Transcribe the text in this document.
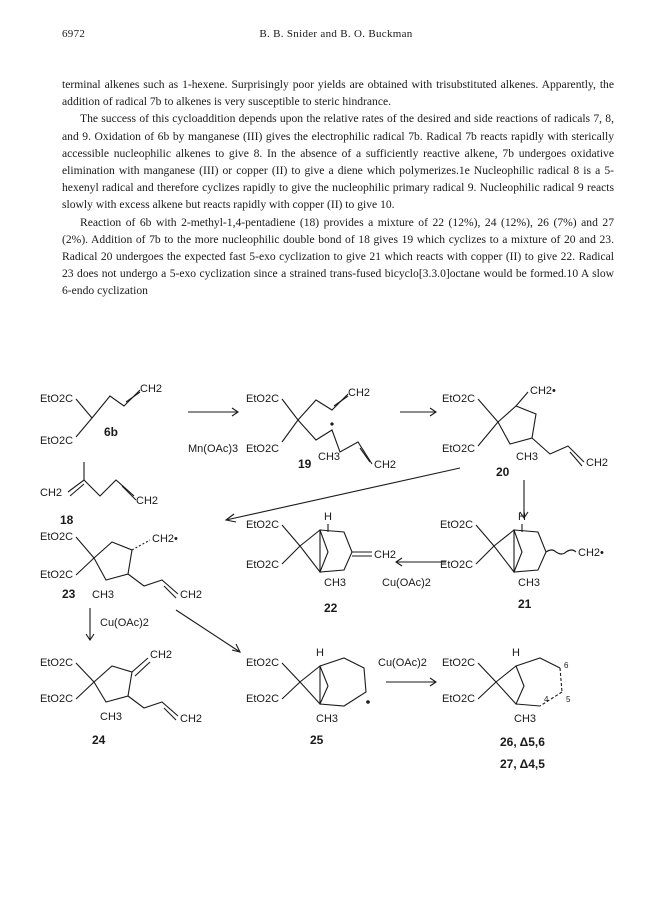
6972	B. B. Snider and B. O. Buckman

terminal alkenes such as 1-hexene. Surprisingly poor yields are obtained with trisubstituted alkenes. Apparently, the addition of radical 7b to alkenes is very susceptible to steric hindrance.

The success of this cycloaddition depends upon the relative rates of the desired and side reactions of radicals 7, 8, and 9. Oxidation of 6b by manganese (III) gives the electrophilic radical 7b. Radical 7b reacts rapidly with sterically accessible nucleophilic alkenes to give 8. In the absence of a sufficiently reactive alkene, 7b undergoes oxidative elimination with manganese (III) or copper (II) to give a diene which polymerizes.1e Nucleophilic radical 8 is a 5-hexenyl radical and therefore cyclizes rapidly to give the nucleophilic primary radical 9. Nucleophilic radical 9 reacts slowly with excess alkene but reacts rapidly with copper (II) to give 10.

Reaction of 6b with 2-methyl-1,4-pentadiene (18) provides a mixture of 22 (12%), 24 (12%), 26 (7%) and 27 (2%). Addition of 7b to the more nucleophilic double bond of 18 gives 19 which cyclizes to a mixture of 20 and 23. Radical 20 undergoes the expected fast 5-exo cyclization to give 21 which reacts with copper (II) to give 22. Radical 23 does not undergo a 5-exo cyclization since a strained trans-fused bicyclo[3.3.0]octane would be formed.10 A slow 6-endo cyclization

EtO2C
EtO2C
CH2
6b
Mn(OAc)3
EtO2C
EtO2C
CH2
CH3
CH2
19
EtO2C
EtO2C
CH2•
CH3	CH2
20
CH2
CH2
18
EtO2C
EtO2C
CH2•
CH3	CH2
23
EtO2C
EtO2C
CH2
H
CH3
22
Cu(OAc)2
EtO2C
EtO2C
CH2•
H
CH3
21
Cu(OAc)2
EtO2C
EtO2C
CH2
CH3	CH2
24
EtO2C
EtO2C
H
CH3
25
Cu(OAc)2 EtO2C
EtO2C
H
6
5
4
CH3
26, Δ5,6
27, Δ4,5
